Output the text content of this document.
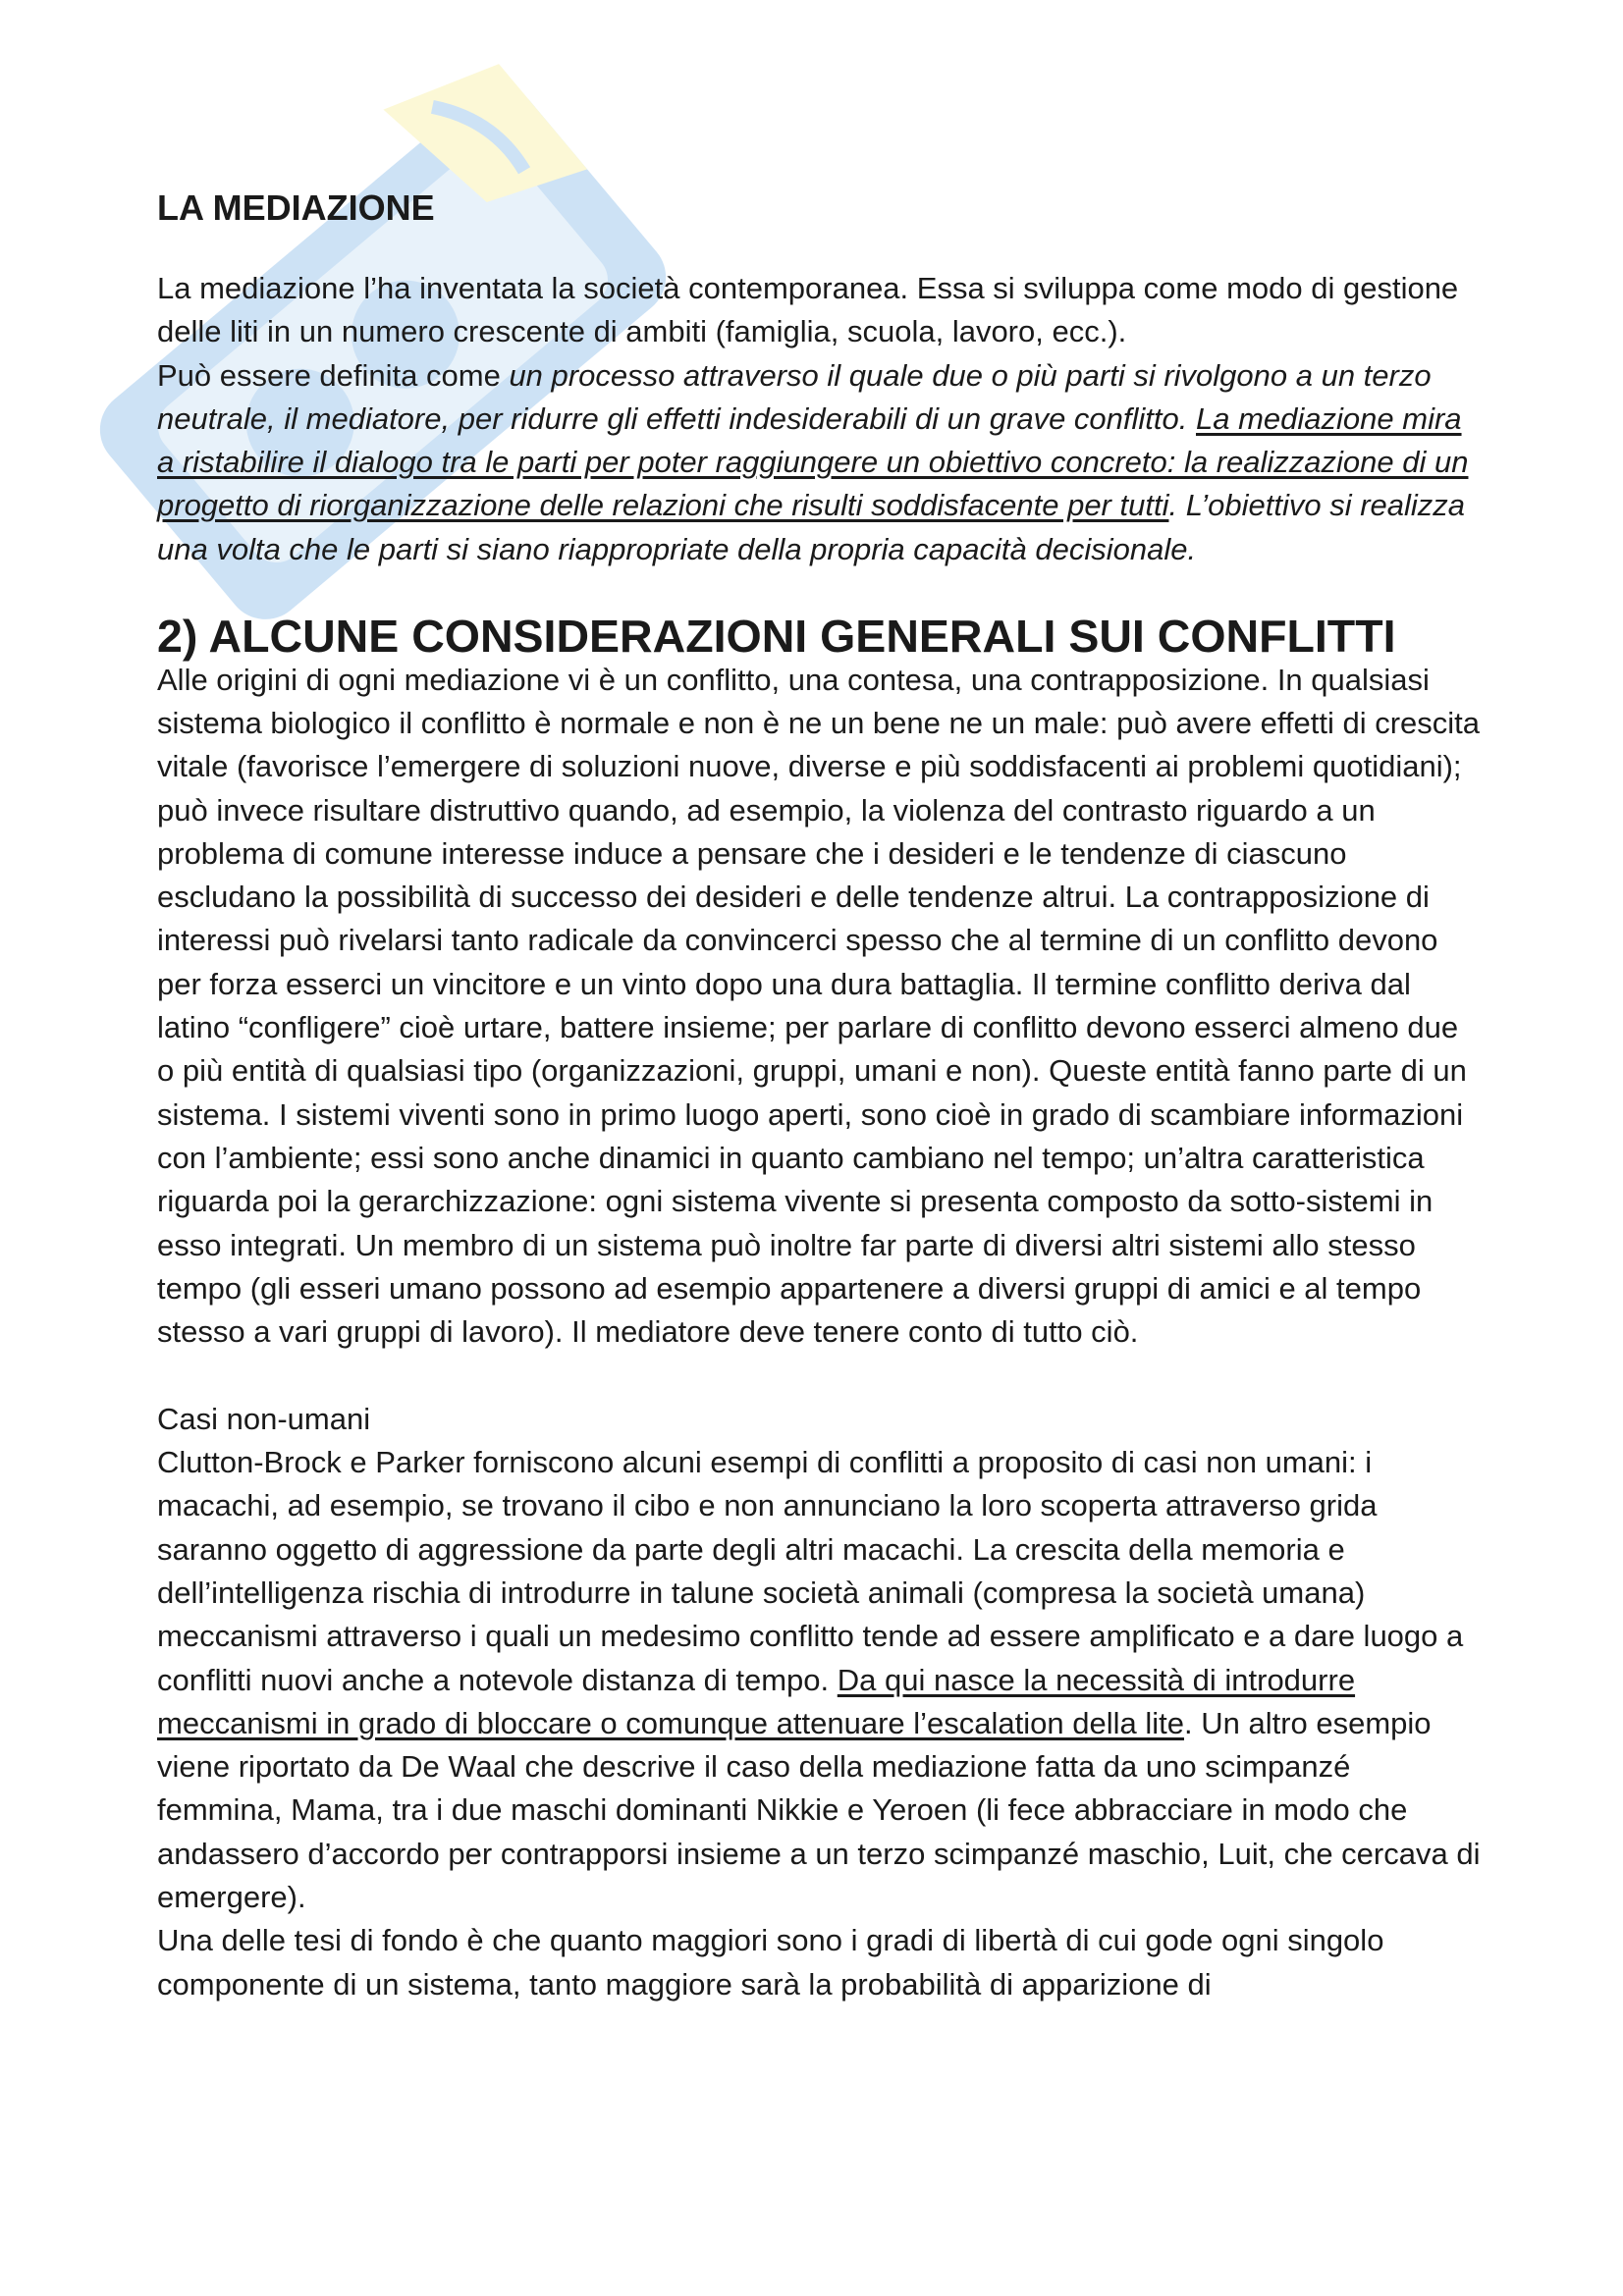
LA MEDIAZIONE

La mediazione l’ha inventata la società contemporanea. Essa si sviluppa come modo di gestione delle liti in un numero crescente di ambiti (famiglia, scuola, lavoro, ecc.).

Può essere definita come un processo attraverso il quale due o più parti si rivolgono a un terzo neutrale, il mediatore, per ridurre gli effetti indesiderabili di un grave conflitto. La mediazione mira a ristabilire il dialogo tra le parti per poter raggiungere un obiettivo concreto: la realizzazione di un progetto di riorganizzazione delle relazioni che risulti soddisfacente per tutti. L’obiettivo si realizza una volta che le parti si siano riappropriate della propria capacità decisionale.

2) ALCUNE CONSIDERAZIONI GENERALI SUI CONFLITTI

Alle origini di ogni mediazione vi è un conflitto, una contesa, una contrapposizione. In qualsiasi sistema biologico il conflitto è normale e non è ne un bene ne un male: può avere effetti di crescita vitale (favorisce l’emergere di soluzioni nuove, diverse e più soddisfacenti ai problemi quotidiani); può invece risultare distruttivo quando, ad esempio, la violenza del contrasto riguardo a un problema di comune interesse induce a pensare che i desideri e le tendenze di ciascuno escludano la possibilità di successo dei desideri e delle tendenze altrui. La contrapposizione di interessi può rivelarsi tanto radicale da convincerci spesso che al termine di un conflitto devono per forza esserci un vincitore e un vinto dopo una dura battaglia. Il termine conflitto deriva dal latino “confligere” cioè urtare, battere insieme; per parlare di conflitto devono esserci almeno due o più entità di qualsiasi tipo (organizzazioni, gruppi, umani e non). Queste entità fanno parte di un sistema. I sistemi viventi sono in primo luogo aperti, sono cioè in grado di scambiare informazioni con l’ambiente; essi sono anche dinamici in quanto cambiano nel tempo; un’altra caratteristica riguarda poi la gerarchizzazione: ogni sistema vivente si presenta composto da sotto-sistemi in esso integrati. Un membro di un sistema può inoltre far parte di diversi altri sistemi allo stesso tempo (gli esseri umano possono ad esempio appartenere a diversi gruppi di amici e al tempo stesso a vari gruppi di lavoro). Il mediatore deve tenere conto di tutto ciò.

Casi non-umani

Clutton-Brock e Parker forniscono alcuni esempi di conflitti a proposito di casi non umani: i macachi, ad esempio, se trovano il cibo e non annunciano la loro scoperta attraverso grida saranno oggetto di aggressione da parte degli altri macachi. La crescita della memoria e dell’intelligenza rischia di introdurre in talune società animali (compresa la società umana) meccanismi attraverso i quali un medesimo conflitto tende ad essere amplificato e a dare luogo a conflitti nuovi anche a notevole distanza di tempo. Da qui nasce la necessità di introdurre meccanismi in grado di bloccare o comunque attenuare l’escalation della lite. Un altro esempio viene riportato da De Waal che descrive il caso della mediazione fatta da uno scimpanzé femmina, Mama, tra i due maschi dominanti Nikkie e Yeroen (li fece abbracciare in modo che andassero d’accordo per contrapporsi insieme a un terzo scimpanzé maschio, Luit, che cercava di emergere).

Una delle tesi di fondo è che quanto maggiori sono i gradi di libertà di cui gode ogni singolo componente di un sistema, tanto maggiore sarà la probabilità di apparizione di
